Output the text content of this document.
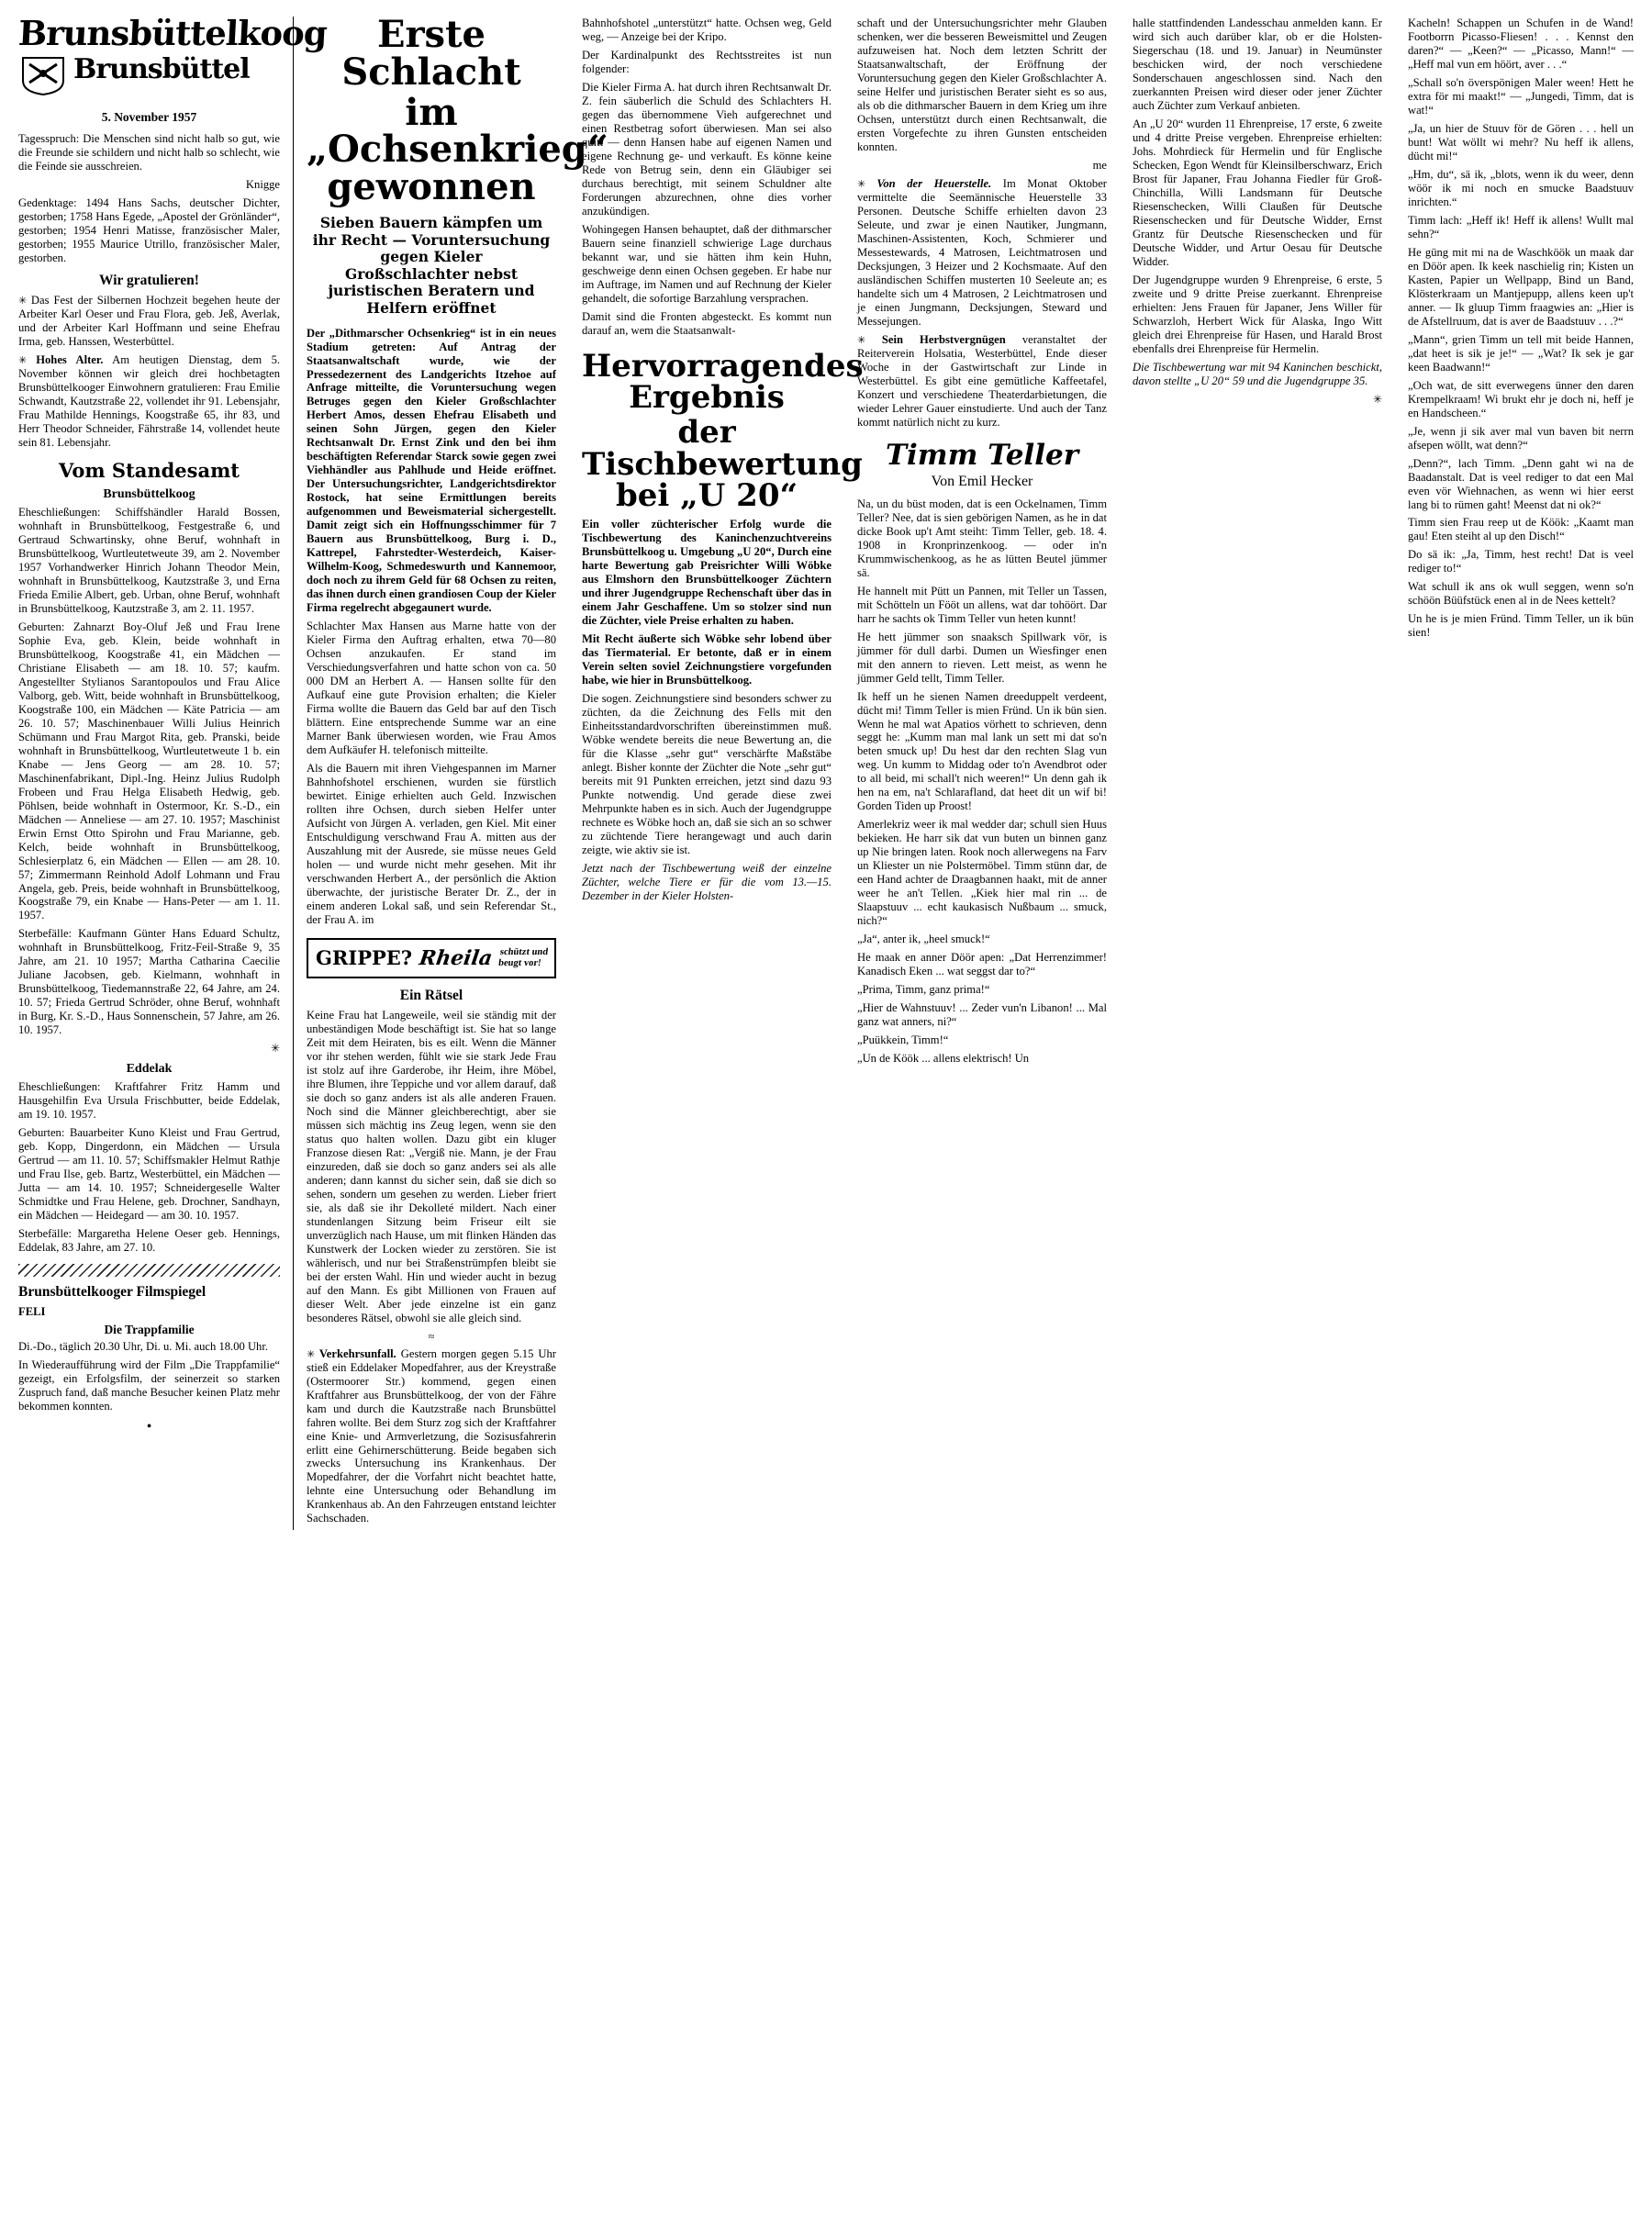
Brunsbüttelkoog
Brunsbüttel
5. November 1957

Tagesspruch: Die Menschen sind nicht halb so gut, wie die Freunde sie schildern und nicht halb so schlecht, wie die Feinde sie ausschreien.

Knigge

Gedenktage: 1494 Hans Sachs, deutscher Dichter, gestorben; 1758 Hans Egede, „Apostel der Grönländer“, gestorben; 1954 Henri Matisse, französischer Maler, gestorben; 1955 Maurice Utrillo, französischer Maler, gestorben.

Wir gratulieren!

✳ Das Fest der Silbernen Hochzeit begehen heute der Arbeiter Karl Oeser und Frau Flora, geb. Jeß, Averlak, und der Arbeiter Karl Hoffmann und seine Ehefrau Irma, geb. Hanssen, Westerbüttel.

✳ Hohes Alter. Am heutigen Dienstag, dem 5. November können wir gleich drei hochbetagten Brunsbüttelkooger Einwohnern gratulieren: Frau Emilie Schwandt, Kautzstraße 22, vollendet ihr 91. Lebensjahr, Frau Mathilde Hennings, Koogstraße 65, ihr 83, und Herr Theodor Schneider, Fährstraße 14, vollendet heute sein 81. Lebensjahr.

Vom Standesamt
Brunsbüttelkoog

Eheschließungen: Schiffshändler Harald Bossen, wohnhaft in Brunsbüttelkoog, Festgestraße 6, und Gertraud Schwartinsky, ohne Beruf, wohnhaft in Brunsbüttelkoog, Wurtleutetweute 39, am 2. November 1957 Vorhandwerker Hinrich Johann Theodor Mein, wohnhaft in Brunsbüttelkoog, Kautzstraße 3, und Erna Frieda Emilie Albert, geb. Urban, ohne Beruf, wohnhaft in Brunsbüttelkoog, Kautzstraße 3, am 2. 11. 1957.

Geburten: Zahnarzt Boy-Oluf Jeß und Frau Irene Sophie Eva, geb. Klein, beide wohnhaft in Brunsbüttelkoog, Koogstraße 41, ein Mädchen — Christiane Elisabeth — am 18. 10. 57; kaufm. Angestellter Stylianos Sarantopoulos und Frau Alice Valborg, geb. Witt, beide wohnhaft in Brunsbüttelkoog, Koogstraße 100, ein Mädchen — Käte Patricia — am 26. 10. 57; Maschinenbauer Willi Julius Heinrich Schümann und Frau Margot Rita, geb. Pranski, beide wohnhaft in Brunsbüttelkoog, Wurtleutetweute 1 b. ein Knabe — Jens Georg — am 28. 10. 57; Maschinenfabrikant, Dipl.-Ing. Heinz Julius Rudolph Frobeen und Frau Helga Elisabeth Hedwig, geb. Pöhlsen, beide wohnhaft in Ostermoor, Kr. S.-D., ein Mädchen — Anneliese — am 27. 10. 1957; Maschinist Erwin Ernst Otto Spirohn und Frau Marianne, geb. Kelch, beide wohnhaft in Brunsbüttelkoog, Schlesierplatz 6, ein Mädchen — Ellen — am 28. 10. 57; Zimmermann Reinhold Adolf Lohmann und Frau Angela, geb. Preis, beide wohnhaft in Brunsbüttelkoog, Koogstraße 79, ein Knabe — Hans-Peter — am 1. 11. 1957.

Sterbefälle: Kaufmann Günter Hans Eduard Schultz, wohnhaft in Brunsbüttelkoog, Fritz-Feil-Straße 9, 35 Jahre, am 21. 10 1957; Martha Catharina Caecilie Juliane Jacobsen, geb. Kielmann, wohnhaft in Brunsbüttelkoog, Tiedemannstraße 22, 64 Jahre, am 24. 10. 57; Frieda Gertrud Schröder, ohne Beruf, wohnhaft in Burg, Kr. S.-D., Haus Sonnenschein, 57 Jahre, am 26. 10. 1957.

✳
Eddelak

Eheschließungen: Kraftfahrer Fritz Hamm und Hausgehilfin Eva Ursula Frischbutter, beide Eddelak, am 19. 10. 1957.

Geburten: Bauarbeiter Kuno Kleist und Frau Gertrud, geb. Kopp, Dingerdonn, ein Mädchen — Ursula Gertrud — am 11. 10. 57; Schiffsmakler Helmut Rathje und Frau Ilse, geb. Bartz, Westerbüttel, ein Mädchen — Jutta — am 14. 10. 1957; Schneidergeselle Walter Schmidtke und Frau Helene, geb. Drochner, Sandhayn, ein Mädchen — Heidegard — am 30. 10. 1957.

Sterbefälle: Margaretha Helene Oeser geb. Hennings, Eddelak, 83 Jahre, am 27. 10.

Brunsbüttelkooger Filmspiegel

FELI

Die Trappfamilie

Di.-Do., täglich 20.30 Uhr, Di. u. Mi. auch 18.00 Uhr.

In Wiederaufführung wird der Film „Die Trappfamilie“ gezeigt, ein Erfolgsfilm, der seinerzeit so starken Zuspruch fand, daß manche Besucher keinen Platz mehr bekommen konnten.

•
Erste Schlacht
im „Ochsenkrieg“ gewonnen
Sieben Bauern kämpfen um ihr Recht — Voruntersuchung gegen Kieler
Großschlachter nebst juristischen Beratern und Helfern eröffnet

Der „Dithmarscher Ochsenkrieg“ ist in ein neues Stadium getreten: Auf Antrag der Staatsanwaltschaft wurde, wie der Pressedezernent des Landgerichts Itzehoe auf Anfrage mitteilte, die Voruntersuchung wegen Betruges gegen den Kieler Großschlachter Herbert Amos, dessen Ehefrau Elisabeth und seinen Sohn Jürgen, gegen den Kieler Rechtsanwalt Dr. Ernst Zink und den bei ihm beschäftigten Referendar Starck sowie gegen zwei Viehhändler aus Pahlhude und Heide eröffnet. Der Untersuchungsrichter, Landgerichtsdirektor Rostock, hat seine Ermittlungen bereits aufgenommen und Beweismaterial sichergestellt. Damit zeigt sich ein Hoffnungsschimmer für 7 Bauern aus Brunsbüttelkoog, Burg i. D., Kattrepel, Fahrstedter-Westerdeich, Kaiser-Wilhelm-Koog, Schmedeswurth und Kannemoor, doch noch zu ihrem Geld für 68 Ochsen zu reiten, das ihnen durch einen grandiosen Coup der Kieler Firma regelrecht abgegaunert wurde.

Schlachter Max Hansen aus Marne hatte von der Kieler Firma den Auftrag erhalten, etwa 70—80 Ochsen anzukaufen. Er stand im Verschiedungsverfahren und hatte schon von ca. 50 000 DM an Herbert A. — Hansen sollte für den Aufkauf eine gute Provision erhalten; die Kieler Firma wollte die Bauern das Geld bar auf den Tisch blättern. Eine entsprechende Summe war an eine Marner Bank überwiesen worden, wie Frau Amos dem Aufkäufer H. telefonisch mitteilte.

Als die Bauern mit ihren Viehgespannen im Marner Bahnhofshotel erschienen, wurden sie fürstlich bewirtet. Einige erhielten auch Geld. Inzwischen rollten ihre Ochsen, durch sieben Helfer unter Aufsicht von Jürgen A. verladen, gen Kiel. Mit einer Entschuldigung verschwand Frau A. mitten aus der Auszahlung mit der Ausrede, sie müsse neues Geld holen — und wurde nicht mehr gesehen. Mit ihr verschwanden Herbert A., der persönlich die Aktion überwachte, der juristische Berater Dr. Z., der in einem anderen Lokal saß, und sein Referendar St., der Frau A. im

GRIPPE? Rheila schützt und
beugt vor!
Ein Rätsel

Keine Frau hat Langeweile, weil sie ständig mit der unbeständigen Mode beschäftigt ist. Sie hat so lange Zeit mit dem Heiraten, bis es eilt. Wenn die Männer vor ihr stehen werden, fühlt wie sie stark Jede Frau ist stolz auf ihre Garderobe, ihr Heim, ihre Möbel, ihre Blumen, ihre Teppiche und vor allem darauf, daß sie doch so ganz anders ist als alle anderen Frauen. Noch sind die Männer gleichberechtigt, aber sie müssen sich mächtig ins Zeug legen, wenn sie den status quo halten wollen. Dazu gibt ein kluger Franzose diesen Rat: „Vergiß nie. Mann, je der Frau einzureden, daß sie doch so ganz anders sei als alle anderen; dann kannst du sicher sein, daß sie dich so sehen, sondern um gesehen zu werden. Lieber friert sie, als daß sie ihr Dekolleté mildert. Nach einer stundenlangen Sitzung beim Friseur eilt sie unverzüglich nach Hause, um mit flinken Händen das Kunstwerk der Locken wieder zu zerstören. Sie ist wählerisch, und nur bei Straßenstrümpfen bleibt sie bei der ersten Wahl. Hin und wieder aucht in bezug auf den Mann. Es gibt Millionen von Frauen auf dieser Welt. Aber jede einzelne ist ein ganz besonderes Rätsel, obwohl sie alle gleich sind.

≈

✳ Verkehrsunfall. Gestern morgen gegen 5.15 Uhr stieß ein Eddelaker Mopedfahrer, aus der Kreystraße (Ostermoorer Str.) kommend, gegen einen Kraftfahrer aus Brunsbüttelkoog, der von der Fähre kam und durch die Kautzstraße nach Brunsbüttel fahren wollte. Bei dem Sturz zog sich der Kraftfahrer eine Knie- und Armverletzung, die Sozisusfahrerin erlitt eine Gehirnerschütterung. Beide begaben sich zwecks Untersuchung ins Krankenhaus. Der Mopedfahrer, der die Vorfahrt nicht beachtet hatte, lehnte eine Untersuchung oder Behandlung im Krankenhaus ab. An den Fahrzeugen entstand leichter Sachschaden.

Bahnhofshotel „unterstützt“ hatte. Ochsen weg, Geld weg, — Anzeige bei der Kripo.

Der Kardinalpunkt des Rechtsstreites ist nun folgender:

Die Kieler Firma A. hat durch ihren Rechtsanwalt Dr. Z. fein säuberlich die Schuld des Schlachters H. gegen das übernommene Vieh aufgerechnet und einen Restbetrag sofort überwiesen. Man sei also quitt — denn Hansen habe auf eigenen Namen und eigene Rechnung ge- und verkauft. Es könne keine Rede von Betrug sein, denn ein Gläubiger sei durchaus berechtigt, mit seinem Schuldner alte Forderungen abzurechnen, ohne dies vorher anzukündigen.

Wohingegen Hansen behauptet, daß der dithmarscher Bauern seine finanziell schwierige Lage durchaus bekannt war, und sie hätten ihm kein Huhn, geschweige denn einen Ochsen gegeben. Er habe nur im Auftrage, im Namen und auf Rechnung der Kieler gehandelt, die sofortige Barzahlung versprachen.

Damit sind die Fronten abgesteckt. Es kommt nun darauf an, wem die Staatsanwalt-

Hervorragendes Ergebnis
der Tischbewertung bei „U 20“

Ein voller züchterischer Erfolg wurde die Tischbewertung des Kaninchenzuchtvereins Brunsbüttelkoog u. Umgebung „U 20“, Durch eine harte Bewertung gab Preisrichter Willi Wöbke aus Elmshorn den Brunsbüttelkooger Züchtern und ihrer Jugendgruppe Rechenschaft über das in einem Jahr Geschaffene. Um so stolzer sind nun die Züchter, viele Preise erhalten zu haben.

Mit Recht äußerte sich Wöbke sehr lobend über das Tiermaterial. Er betonte, daß er in einem Verein selten soviel Zeichnungstiere vorgefunden habe, wie hier in Brunsbüttelkoog.

Die sogen. Zeichnungstiere sind besonders schwer zu züchten, da die Zeichnung des Fells mit den Einheitsstandardvorschriften übereinstimmen muß. Wöbke wendete bereits die neue Bewertung an, die für die Klasse „sehr gut“ verschärfte Maßstäbe anlegt. Bisher konnte der Züchter die Note „sehr gut“ bereits mit 91 Punkten erreichen, jetzt sind dazu 93 Punkte notwendig. Und gerade diese zwei Mehrpunkte haben es in sich. Auch der Jugendgruppe rechnete es Wöbke hoch an, daß sie sich an so schwer zu züchtende Tiere herangewagt und auch darin zeigte, wie aktiv sie ist.

Jetzt nach der Tischbewertung weiß der einzelne Züchter, welche Tiere er für die vom 13.—15. Dezember in der Kieler Holsten-

schaft und der Untersuchungsrichter mehr Glauben schenken, wer die besseren Beweismittel und Zeugen aufzuweisen hat. Noch dem letzten Schritt der Staatsanwaltschaft, der Eröffnung der Voruntersuchung gegen den Kieler Großschlachter A. seine Helfer und juristischen Berater sieht es so aus, als ob die dithmarscher Bauern in dem Krieg um ihre Ochsen, unterstützt durch einen Rechtsanwalt, die ersten Vorgefechte zu ihren Gunsten entscheiden konnten.

me

✳ Von der Heuerstelle. Im Monat Oktober vermittelte die Seemännische Heuerstelle 33 Personen. Deutsche Schiffe erhielten davon 23 Seleute, und zwar je einen Nautiker, Jungmann, Maschinen-Assistenten, Koch, Schmierer und Messestewards, 4 Matrosen, Leichtmatrosen und Decksjungen, 3 Heizer und 2 Kochsmaate. Auf den ausländischen Schiffen musterten 10 Seeleute an; es handelte sich um 4 Matrosen, 2 Leichtmatrosen und je einen Jungmann, Decksjungen, Steward und Messejungen.

✳ Sein Herbstvergnügen veranstaltet der Reiterverein Holsatia, Westerbüttel, Ende dieser Woche in der Gastwirtschaft zur Linde in Westerbüttel. Es gibt eine gemütliche Kaffeetafel, Konzert und verschiedene Theaterdarbietungen, die wieder Lehrer Gauer einstudierte. Und auch der Tanz kommt natürlich nicht zu kurz.

Timm Teller
Von Emil Hecker

Na, un du büst moden, dat is een Ockelnamen, Timm Teller? Nee, dat is sien gebörigen Namen, as he in dat dicke Book up't Amt steiht: Timm Teller, geb. 18. 4. 1908 in Kronprinzenkoog. — oder in'n Krummwischenkoog, as he as lütten Beutel jümmer sä.

He hannelt mit Pütt un Pannen, mit Teller un Tassen, mit Schötteln un Fööt un allens, wat dar tohöört. Dar harr he sachts ok Timm Teller vun heten kunnt!

He hett jümmer son snaaksch Spillwark vör, is jümmer för dull darbi. Dumen un Wiesfinger enen mit den annern to rieven. Lett meist, as wenn he jümmer Geld tellt, Timm Teller.

Ik heff un he sienen Namen dreeduppelt verdeent, dücht mi! Timm Teller is mien Fründ. Un ik bün sien. Wenn he mal wat Apatios vörhett to schrieven, denn seggt he: „Kumm man mal lank un sett mi dat so'n beten smuck up! Du hest dar den rechten Slag vun weg. Un kumm to Middag oder to'n Avendbrot oder to all beid, mi schall't nich weeren!“ Un denn gah ik hen na em, na't Schlarafland, dat heet dit un wif bi! Gorden Tiden up Proost!

Amerlekriz weer ik mal wedder dar; schull sien Huus bekieken. He harr sik dat vun buten un binnen ganz up Nie bringen laten. Rook noch allerwegens na Farv un Kliester un nie Polstermöbel. Timm stünn dar, de een Hand achter de Draagbannen haakt, mit de anner weer he an't Tellen. „Kiek hier mal rin ... de Slaapstuuv ... echt kaukasisch Nußbaum ... smuck, nich?“

„Ja“, anter ik, „heel smuck!“

He maak en anner Döör apen: „Dat Herrenzimmer! Kanadisch Eken ... wat seggst dar to?“

„Prima, Timm, ganz prima!“

„Hier de Wahnstuuv! ... Zeder vun'n Libanon! ... Mal ganz wat anners, ni?“

„Puükkein, Timm!“

„Un de Köök ... allens elektrisch! Un

halle stattfindenden Landesschau anmelden kann. Er wird sich auch darüber klar, ob er die Holsten-Siegerschau (18. und 19. Januar) in Neumünster beschicken wird, der noch verschiedene Sonderschauen angeschlossen sind. Nach den zuerkannten Preisen wird dieser oder jener Züchter auch Züchter zum Verkauf anbieten.

An „U 20“ wurden 11 Ehrenpreise, 17 erste, 6 zweite und 4 dritte Preise vergeben. Ehrenpreise erhielten: Johs. Mohrdieck für Hermelin und für Englische Schecken, Egon Wendt für Kleinsilberschwarz, Erich Brost für Japaner, Frau Johanna Fiedler für Groß-Chinchilla, Willi Landsmann für Deutsche Riesenschecken, Willi Claußen für Deutsche Riesenschecken und für Deutsche Widder, Ernst Grantz für Deutsche Riesenschecken und für Deutsche Widder, und Artur Oesau für Deutsche Widder.

Der Jugendgruppe wurden 9 Ehrenpreise, 6 erste, 5 zweite und 9 dritte Preise zuerkannt. Ehrenpreise erhielten: Jens Frauen für Japaner, Jens Willer für Schwarzloh, Herbert Wick für Alaska, Ingo Witt gleich drei Ehrenpreise für Hasen, und Harald Brost ebenfalls drei Ehrenpreise für Hermelin.

Die Tischbewertung war mit 94 Kaninchen beschickt, davon stellte „U 20“ 59 und die Jugendgruppe 35.

✳

Kacheln! Schappen un Schufen in de Wand! Footborrn Picasso-Fliesen! . . . Kennst den daren?“ — „Keen?“ — „Picasso, Mann!“ — „Heff mal vun em höört, aver . . .“

„Schall so'n överspönigen Maler ween! Hett he extra för mi maakt!“ — „Jungedi, Timm, dat is wat!“

„Ja, un hier de Stuuv för de Gören . . . hell un bunt! Wat wöllt wi mehr? Nu heff ik allens, dücht mi!“

„Hm, du“, sä ik, „blots, wenn ik du weer, denn wöör ik mi noch en smucke Baadstuuv inrichten.“

Timm lach: „Heff ik! Heff ik allens! Wullt mal sehn?“

He güng mit mi na de Waschköök un maak dar en Döör apen. Ik keek naschielig rin; Kisten un Kasten, Papier un Wellpapp, Bind un Band, Klösterkraam un Mantjepupp, allens keen up't anner. — Ik gluup Timm fraagwies an: „Hier is de Afstellruum, dat is aver de Baadstuuv . . .?“

„Mann“, grien Timm un tell mit beide Hannen, „dat heet is sik je je!“ — „Wat? Ik sek je gar keen Baadwann!“

„Och wat, de sitt everwegens ünner den daren Krempelkraam! Wi brukt ehr je doch ni, heff je en Handscheen.“

„Je, wenn ji sik aver mal vun baven bit nerrn afsepen wöllt, wat denn?“

„Denn?“, lach Timm. „Denn gaht wi na de Baadanstalt. Dat is veel rediger to dat een Mal even vör Wiehnachen, as wenn wi hier eerst lang bi to rümen gaht! Meenst dat ni ok?“

Timm sien Frau reep ut de Köök: „Kaamt man gau! Eten steiht al up den Disch!“

Do sä ik: „Ja, Timm, hest recht! Dat is veel rediger to!“

Wat schull ik ans ok wull seggen, wenn so'n schöön Büüfstück enen al in de Nees kettelt?

Un he is je mien Fründ. Timm Teller, un ik bün sien!
